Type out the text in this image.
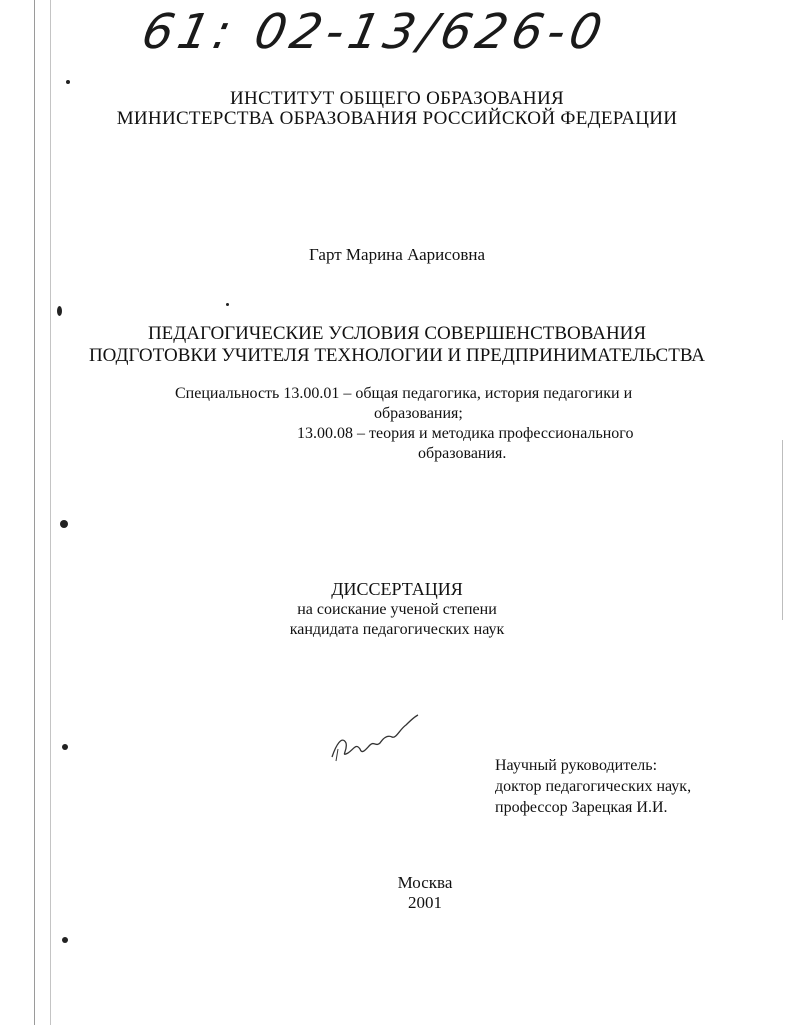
61: 02-13/626-0
ИНСТИТУТ ОБЩЕГО ОБРАЗОВАНИЯ
МИНИСТЕРСТВА ОБРАЗОВАНИЯ РОССИЙСКОЙ ФЕДЕРАЦИИ
Гарт Марина Аарисовна
ПЕДАГОГИЧЕСКИЕ УСЛОВИЯ СОВЕРШЕНСТВОВАНИЯ
ПОДГОТОВКИ УЧИТЕЛЯ ТЕХНОЛОГИИ И ПРЕДПРИНИМАТЕЛЬСТВА
Специальность 13.00.01 – общая педагогика, история педагогики и
образования;
13.00.08 – теория и методика профессионального
образования.
ДИССЕРТАЦИЯ
на соискание ученой степени
кандидата педагогических наук
Научный руководитель:
доктор педагогических наук,
профессор Зарецкая И.И.
Москва
2001
